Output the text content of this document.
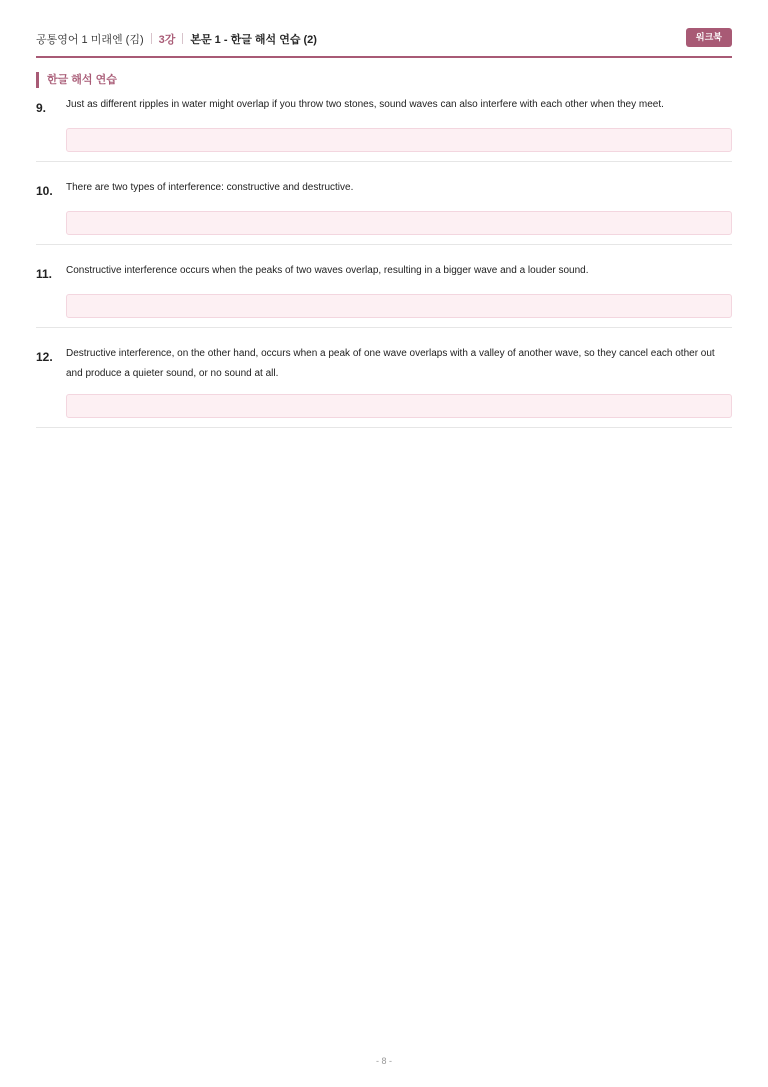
공통영어 1 미래엔 (김) 3강 본문 1 - 한글 해석 연습 (2)	워크북
한글 해석 연습
9.	Just as different ripples in water might overlap if you throw two stones, sound waves can also interfere with each other when they meet.
10.	There are two types of interference: constructive and destructive.
11.	Constructive interference occurs when the peaks of two waves overlap, resulting in a bigger wave and a louder sound.
12.	Destructive interference, on the other hand, occurs when a peak of one wave overlaps with a valley of another wave, so they cancel each other out and produce a quieter sound, or no sound at all.
- 8 -
